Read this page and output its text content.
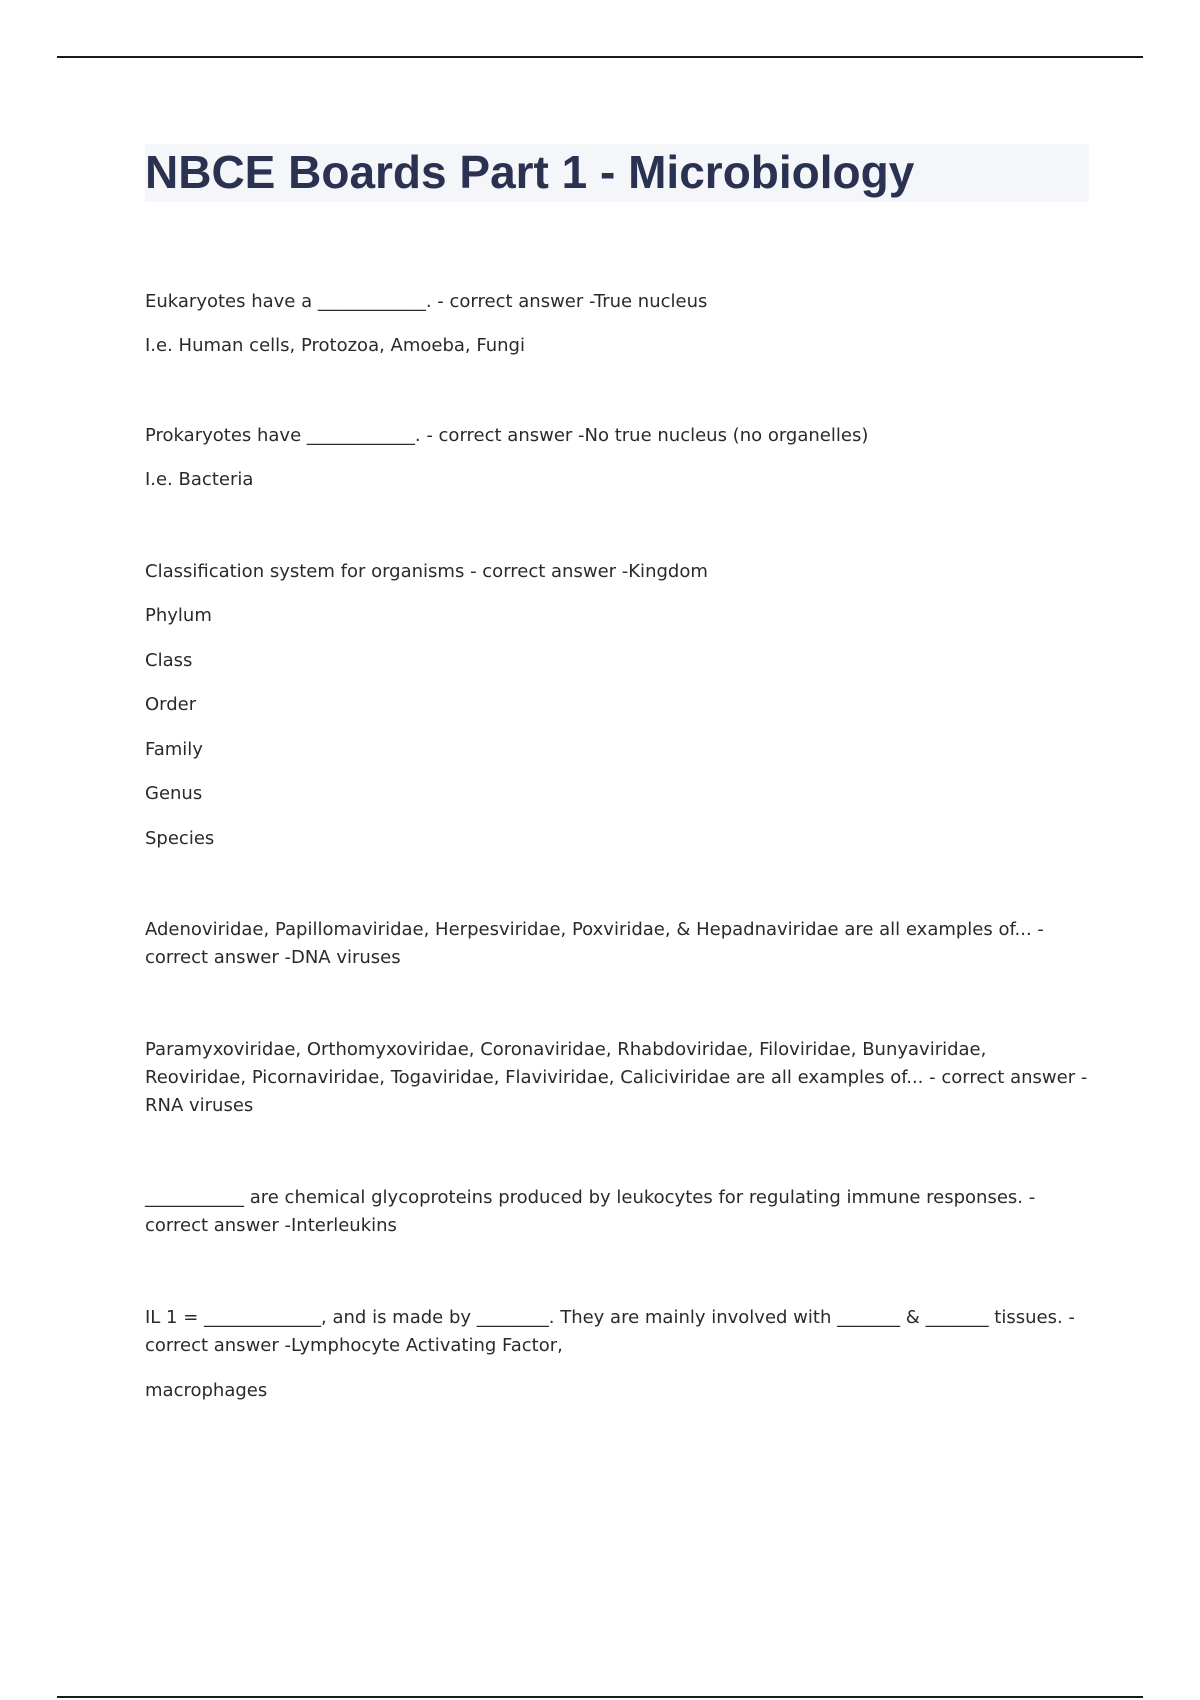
NBCE Boards Part 1 - Microbiology

Eukaryotes have a ____________. - correct answer -True nucleus

I.e. Human cells, Protozoa, Amoeba, Fungi

Prokaryotes have ____________. - correct answer -No true nucleus (no organelles)

I.e. Bacteria

Classification system for organisms - correct answer -Kingdom

Phylum

Class

Order

Family

Genus

Species

Adenoviridae, Papillomaviridae, Herpesviridae, Poxviridae, & Hepadnaviridae are all examples of... - correct answer -DNA viruses

Paramyxoviridae, Orthomyxoviridae, Coronaviridae, Rhabdoviridae, Filoviridae, Bunyaviridae, Reoviridae, Picornaviridae, Togaviridae, Flaviviridae, Caliciviridae are all examples of... - correct answer -RNA viruses

___________ are chemical glycoproteins produced by leukocytes for regulating immune responses. - correct answer -Interleukins

IL 1 = _____________, and is made by ________. They are mainly involved with _______ & _______ tissues. - correct answer -Lymphocyte Activating Factor,

macrophages
